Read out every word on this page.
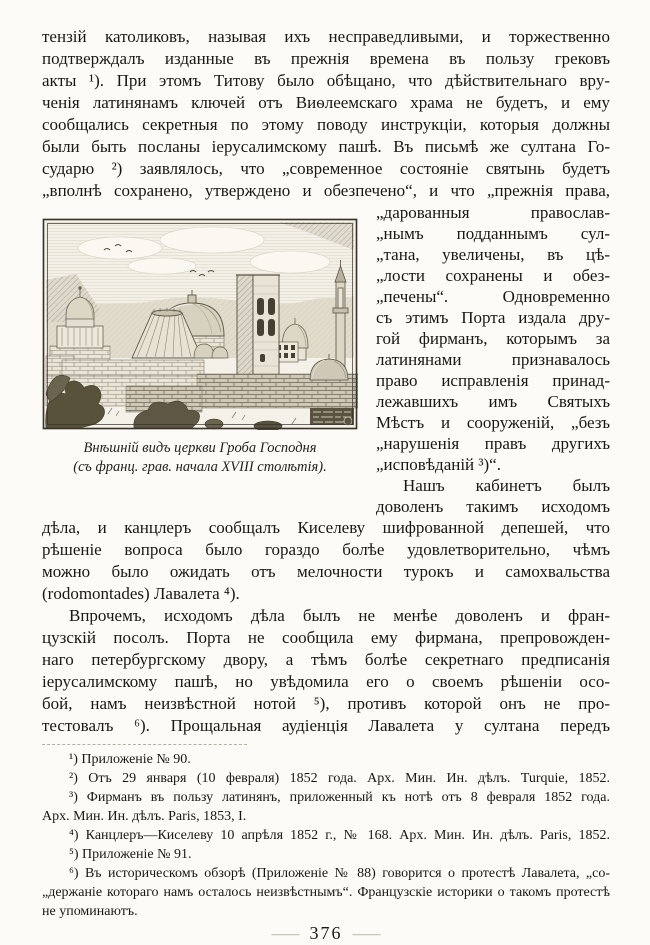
тензій католиковъ, называя ихъ несправедливыми, и торжественно
подтверждалъ изданные въ прежнія времена въ пользу грековъ
акты ¹). При этомъ Титову было обѣщано, что дѣйствительнаго вру-
ченія латинянамъ ключей отъ Виѳлеемскаго храма не будетъ, и ему
сообщались секретныя по этому поводу инструкціи, которыя должны
были быть посланы іерусалимскому пашѣ. Въ письмѣ же султана Го-
сударю ²) заявлялось, что „современное состояніе святынь будетъ
„вполнѣ сохранено, утверждено и обезпечено“, и что „прежнія права,
Внѣшній видъ церкви Гроба Господня
(съ франц. грав. начала XVIII столѣтія).
„дарованныя православ-
„нымъ подданнымъ сул-
„тана, увеличены, въ цѣ-
„лости сохранены и обез-
„печены“. Одновременно
съ этимъ Порта издала дру-
гой фирманъ, которымъ за
латинянами признавалось
право исправленія принад-
лежавшихъ имъ Святыхъ
Мѣстъ и сооруженій, „безъ
„нарушенія правъ другихъ
„исповѣданій ³)“.
Нашъ кабинетъ былъ
доволенъ такимъ исходомъ
дѣла, и канцлеръ сообщалъ Киселеву шифрованной депешей, что
рѣшеніе вопроса было гораздо болѣе удовлетворительно, чѣмъ
можно было ожидать отъ мелочности турокъ и самохвальства
(rodomontades) Лавалета ⁴).
Впрочемъ, исходомъ дѣла былъ не менѣе доволенъ и фран-
цузскій посолъ. Порта не сообщила ему фирмана, препровожден-
наго петербургскому двору, а тѣмъ болѣе секретнаго предписанія
іерусалимскому пашѣ, но увѣдомила его о своемъ рѣшеніи осо-
бой, намъ неизвѣстной нотой ⁵), противъ которой онъ не про-
тестовалъ ⁶). Прощальная аудіенція Лавалета у султана передъ
¹) Приложеніе № 90.
²) Отъ 29 января (10 февраля) 1852 года. Арх. Мин. Ин. дѣлъ. Turquie, 1852.
³) Фирманъ въ пользу латинянъ, приложенный къ нотѣ отъ 8 февраля 1852 года.
Арх. Мин. Ин. дѣлъ. Paris, 1853, I.
⁴) Канцлеръ—Киселеву 10 апрѣля 1852 г., № 168. Арх. Мин. Ин. дѣлъ. Paris, 1852.
⁵) Приложеніе № 91.
⁶) Въ историческомъ обзорѣ (Приложеніе № 88) говорится о протестѣ Лавалета, „со-
„держаніе котораго намъ осталось неизвѣстнымъ“. Французскіе историки о такомъ протестѣ
не упоминаютъ.
—— 376 ——
